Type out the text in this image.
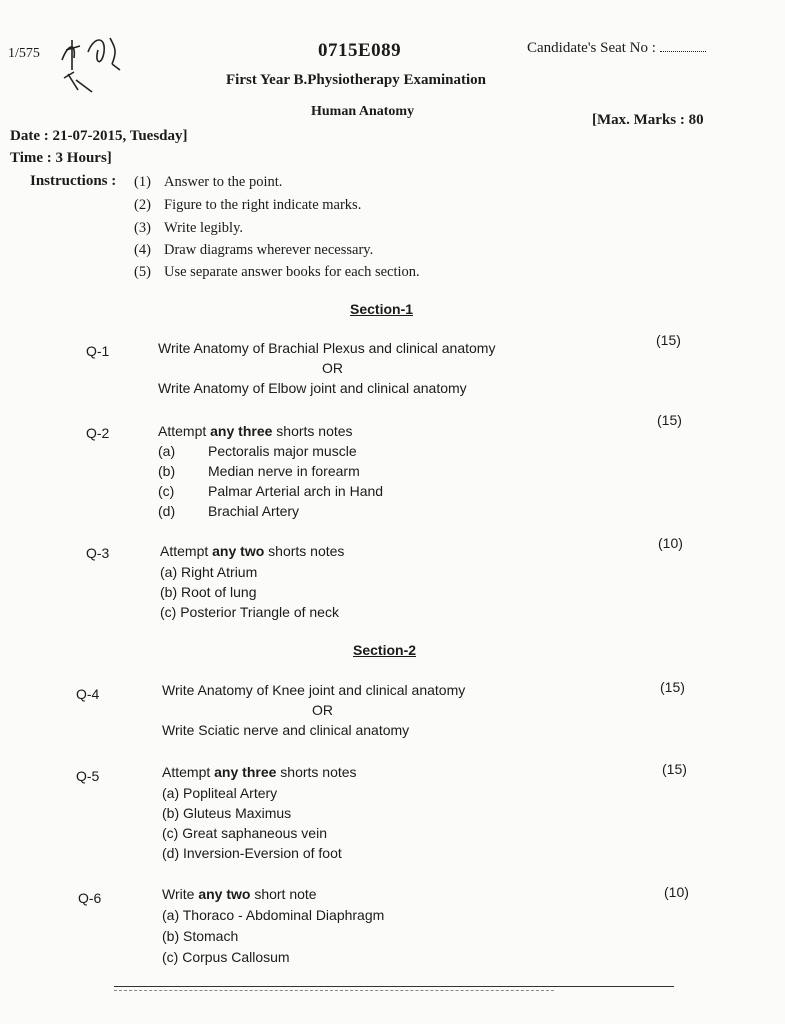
1/575	0715E089	Candidate's Seat No :
First Year B.Physiotherapy Examination
Human Anatomy
[Max. Marks : 80
Date : 21-07-2015, Tuesday]
Time : 3 Hours]
Instructions : (1) Answer to the point.
(2) Figure to the right indicate marks.
(3) Write legibly.
(4) Draw diagrams wherever necessary.
(5) Use separate answer books for each section.
Section-1
Q-1	Write Anatomy of Brachial Plexus and clinical anatomy
OR
Write Anatomy of Elbow joint and clinical anatomy
(15)
Q-2	Attempt any three shorts notes
(a) Pectoralis major muscle
(b) Median nerve in forearm
(c) Palmar Arterial arch in Hand
(d) Brachial Artery
(15)
Q-3	Attempt any two shorts notes
(a) Right Atrium
(b) Root of lung
(c) Posterior Triangle of neck
(10)
Section-2
Q-4	Write Anatomy of Knee joint and clinical anatomy
OR
Write Sciatic nerve and clinical anatomy
(15)
Q-5	Attempt any three shorts notes
(a) Popliteal Artery
(b) Gluteus Maximus
(c) Great saphaneous vein
(d) Inversion-Eversion of foot
(15)
Q-6	Write any two short note
(a) Thoraco - Abdominal Diaphragm
(b) Stomach
(c) Corpus Callosum
(10)
